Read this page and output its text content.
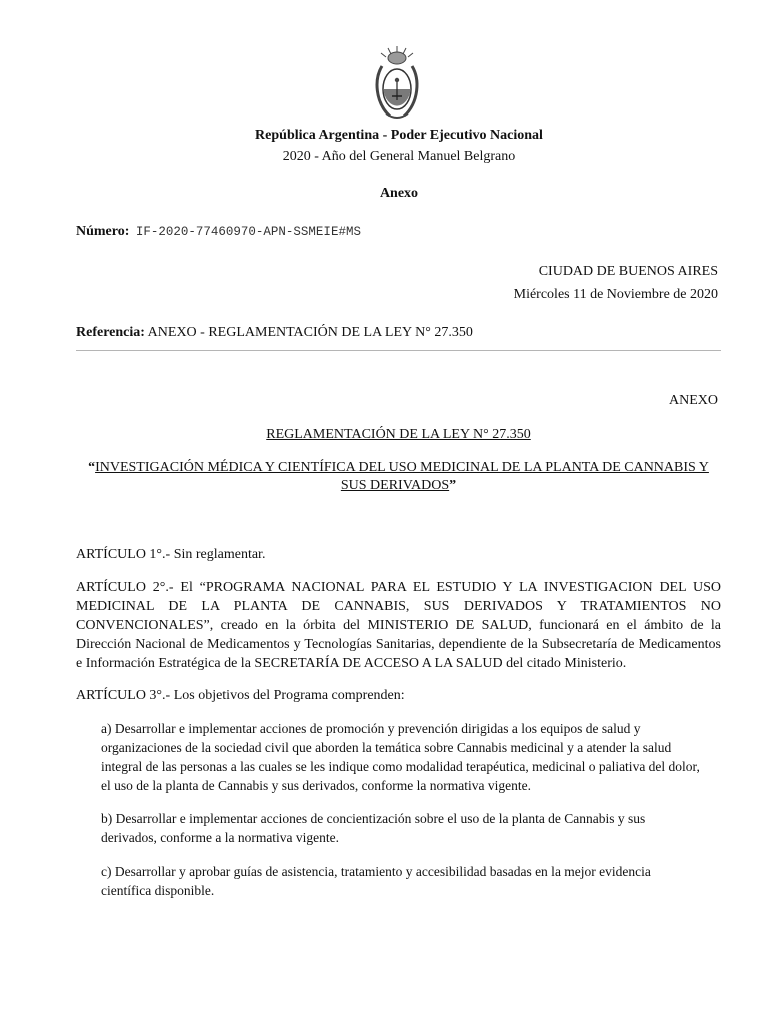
República Argentina - Poder Ejecutivo Nacional
2020 - Año del General Manuel Belgrano
Anexo
Número: IF-2020-77460970-APN-SSMEIE#MS
CIUDAD DE BUENOS AIRES
Miércoles 11 de Noviembre de 2020
Referencia: ANEXO - REGLAMENTACIÓN DE LA LEY N° 27.350
ANEXO
REGLAMENTACIÓN DE LA LEY N° 27.350
“INVESTIGACIÓN MÉDICA Y CIENTÍFICA DEL USO MEDICINAL DE LA PLANTA DE CANNABIS Y SUS DERIVADOS”

ARTÍCULO 1°.- Sin reglamentar.

ARTÍCULO 2°.- El “PROGRAMA NACIONAL PARA EL ESTUDIO Y LA INVESTIGACION DEL USO MEDICINAL DE LA PLANTA DE CANNABIS, SUS DERIVADOS Y TRATAMIENTOS NO CONVENCIONALES”, creado en la órbita del MINISTERIO DE SALUD, funcionará en el ámbito de la Dirección Nacional de Medicamentos y Tecnologías Sanitarias, dependiente de la Subsecretaría de Medicamentos e Información Estratégica de la SECRETARÍA DE ACCESO A LA SALUD del citado Ministerio.

ARTÍCULO 3°.- Los objetivos del Programa comprenden:

a) Desarrollar e implementar acciones de promoción y prevención dirigidas a los equipos de salud y organizaciones de la sociedad civil que aborden la temática sobre Cannabis medicinal y a atender la salud integral de las personas a las cuales se les indique como modalidad terapéutica, medicinal o paliativa del dolor, el uso de la planta de Cannabis y sus derivados, conforme la normativa vigente.

b) Desarrollar e implementar acciones de concientización sobre el uso de la planta de Cannabis y sus derivados, conforme a la normativa vigente.

c) Desarrollar y aprobar guías de asistencia, tratamiento y accesibilidad basadas en la mejor evidencia científica disponible.
